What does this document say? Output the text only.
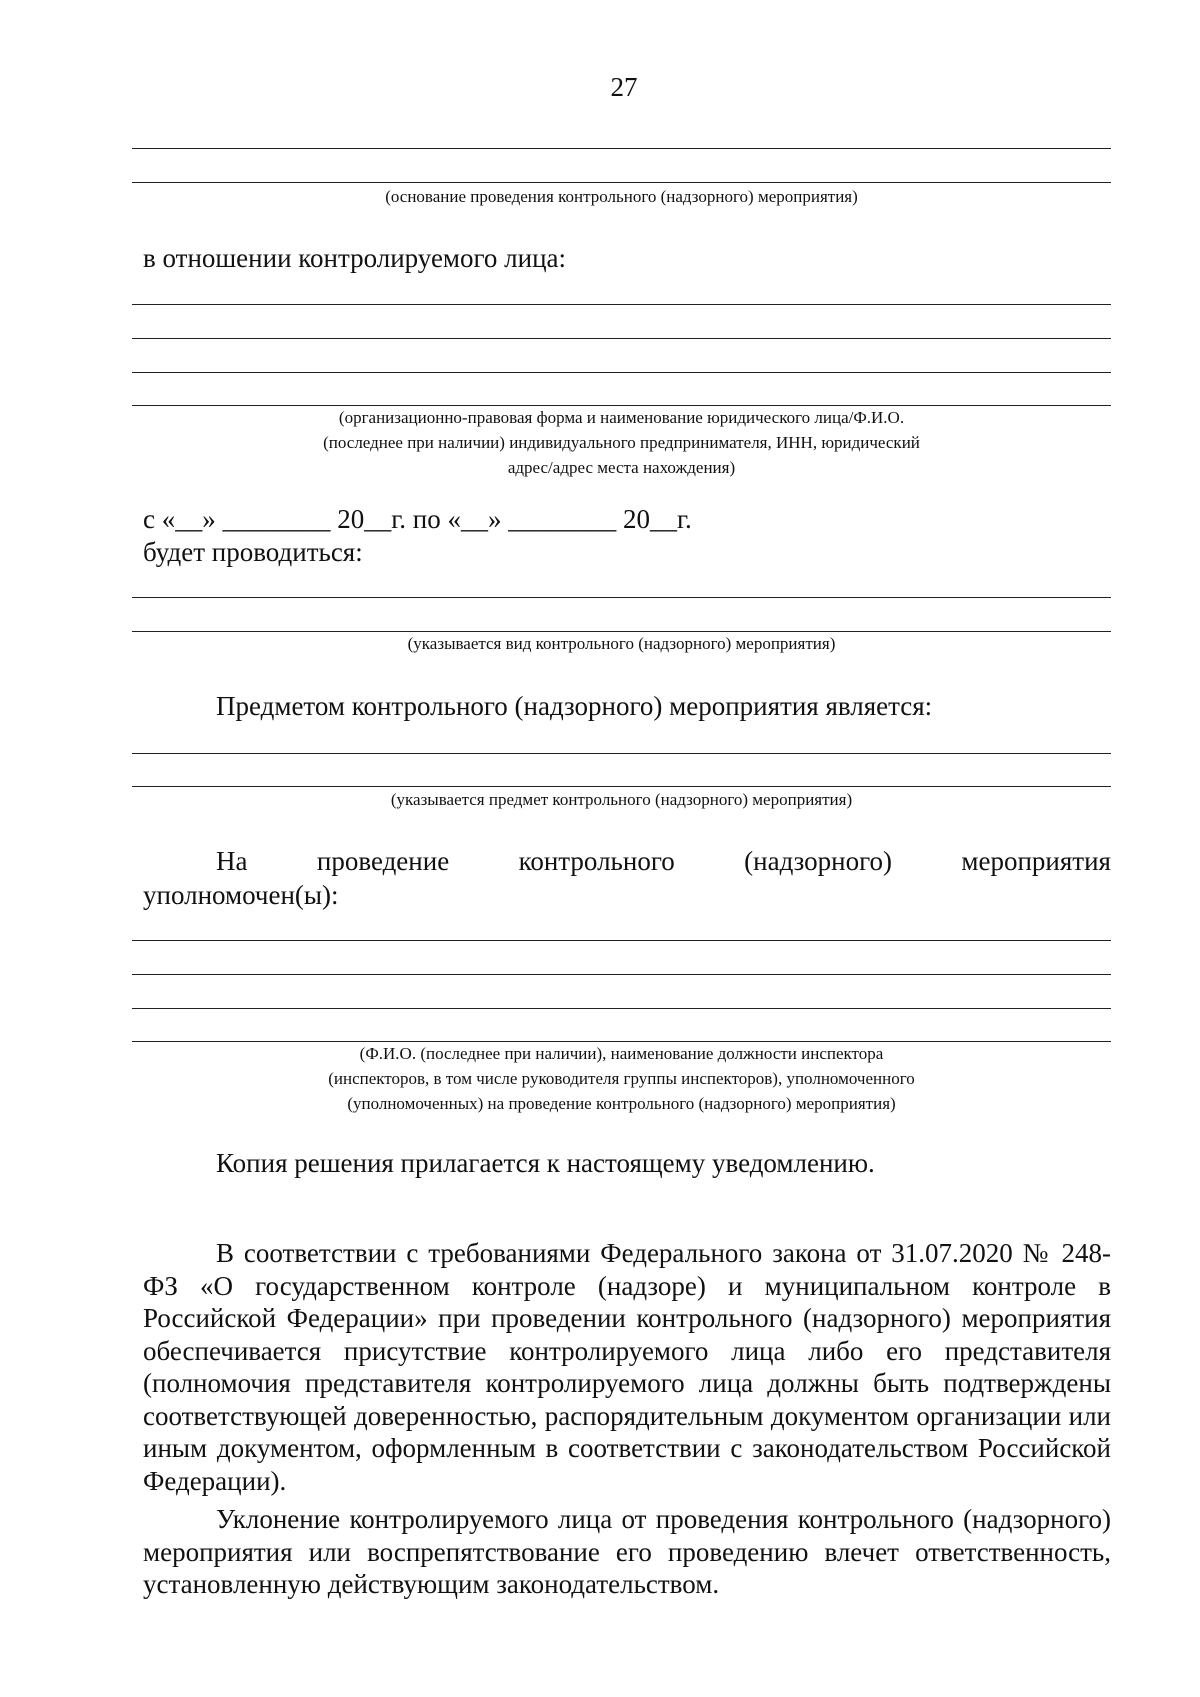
27
(основание проведения контрольного (надзорного) мероприятия)
в отношении контролируемого лица:
(организационно-правовая форма и наименование юридического лица/Ф.И.О.
(последнее при наличии) индивидуального предпринимателя, ИНН, юридический
адрес/адрес места нахождения)
с «__» ________ 20__г. по «__» ________ 20__г.
будет проводиться:
(указывается вид контрольного (надзорного) мероприятия)
Предметом контрольного (надзорного) мероприятия является:
(указывается предмет контрольного (надзорного) мероприятия)
На	проведение	контрольного	(надзорного)	мероприятия
уполномочен(ы):
(Ф.И.О. (последнее при наличии), наименование должности инспектора
(инспекторов, в том числе руководителя группы инспекторов), уполномоченного
(уполномоченных) на проведение контрольного (надзорного) мероприятия)
Копия решения прилагается к настоящему уведомлению.

В соответствии с требованиями Федерального закона от 31.07.2020 № 248-ФЗ «О государственном контроле (надзоре) и муниципальном контроле в Российской Федерации» при проведении контрольного (надзорного) мероприятия обеспечивается присутствие контролируемого лица либо его представителя (полномочия представителя контролируемого лица должны быть подтверждены соответствующей доверенностью, распорядительным документом организации или иным документом, оформленным в соответствии с законодательством Российской Федерации).

Уклонение контролируемого лица от проведения контрольного (надзорного) мероприятия или воспрепятствование его проведению влечет ответственность, установленную действующим законодательством.
